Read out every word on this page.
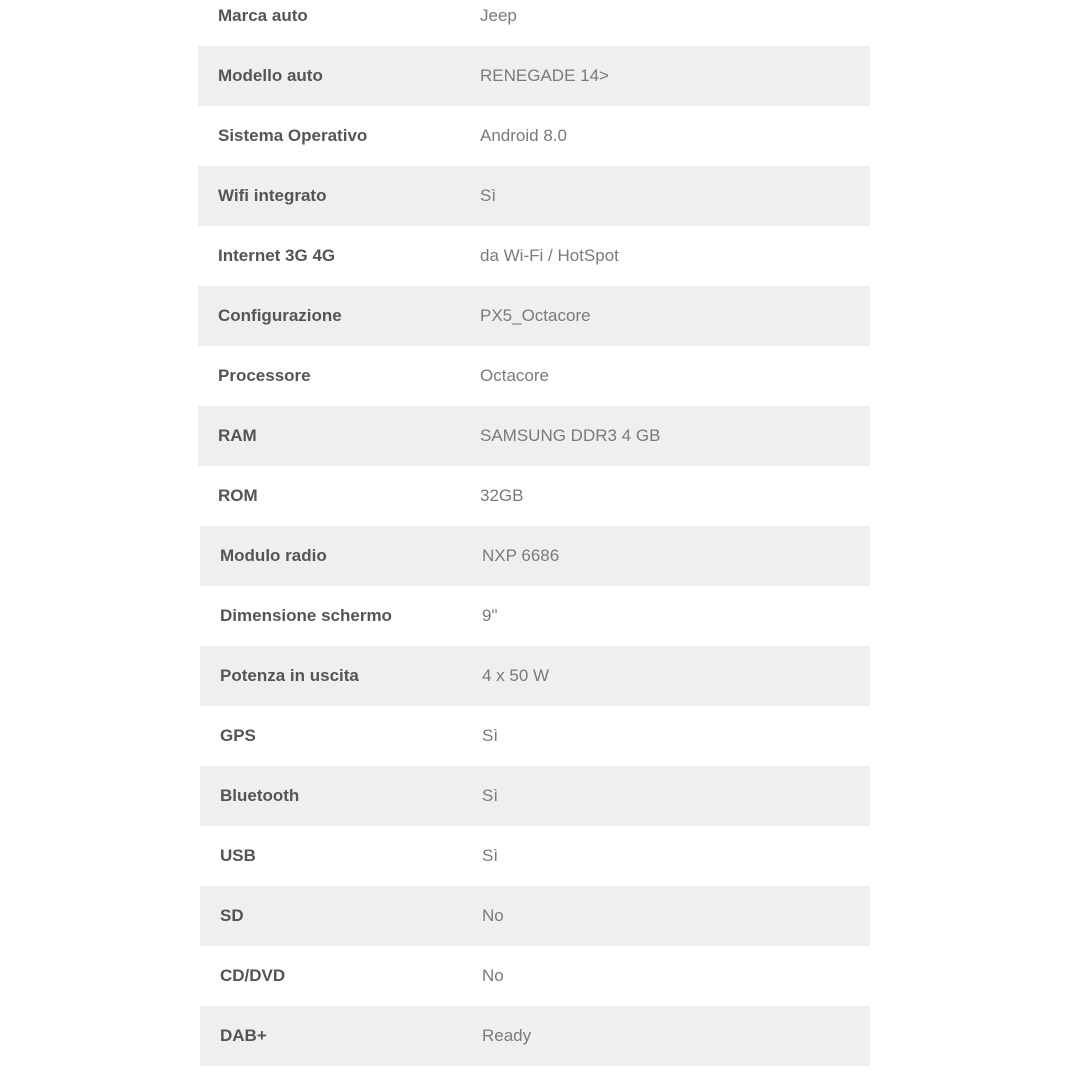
Marca auto	Jeep
Modello auto	RENEGADE 14>
Sistema Operativo	Android 8.0
Wifi integrato	Sì
Internet 3G 4G	da Wi-Fi / HotSpot
Configurazione	PX5_Octacore
Processore	Octacore
RAM	SAMSUNG DDR3 4 GB
ROM	32GB
Modulo radio	NXP 6686
Dimensione schermo	9"
Potenza in uscita	4 x 50 W
GPS	Sì
Bluetooth	Sì
USB	Sì
SD	No
CD/DVD	No
DAB+	Ready
